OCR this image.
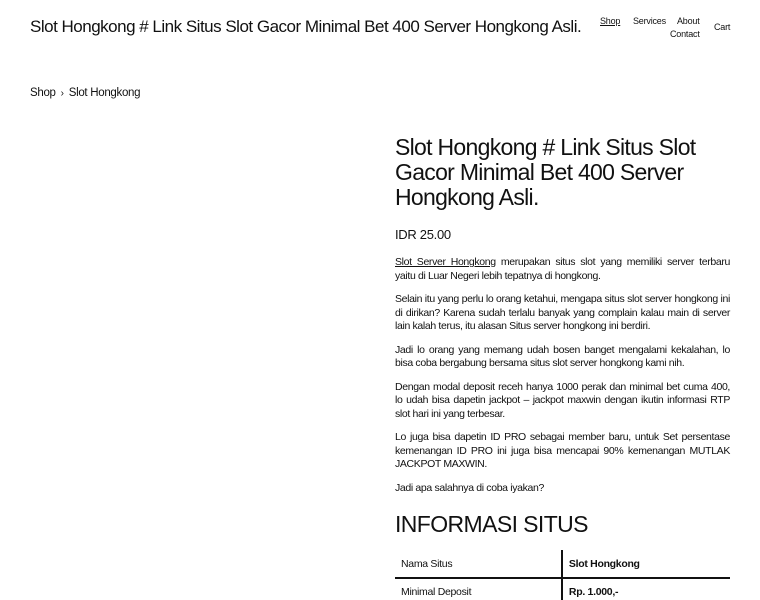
Slot Hongkong # Link Situs Slot Gacor Minimal Bet 400 Server Hongkong Asli. Shop Services About
Contact
Cart
Shop › Slot Hongkong
Slot Hongkong # Link Situs Slot Gacor Minimal Bet 400 Server Hongkong Asli.
IDR 25.00

Slot Server Hongkong merupakan situs slot yang memiliki server terbaru yaitu di Luar Negeri lebih tepatnya di hongkong.

Selain itu yang perlu lo orang ketahui, mengapa situs slot server hongkong ini di dirikan? Karena sudah terlalu banyak yang complain kalau main di server lain kalah terus, itu alasan Situs server hongkong ini berdiri.

Jadi lo orang yang memang udah bosen banget mengalami kekalahan, lo bisa coba bergabung bersama situs slot server hongkong kami nih.

Dengan modal deposit receh hanya 1000 perak dan minimal bet cuma 400, lo udah bisa dapetin jackpot – jackpot maxwin dengan ikutin informasi RTP slot hari ini yang terbesar.

Lo juga bisa dapetin ID PRO sebagai member baru, untuk Set persentase kemenangan ID PRO ini juga bisa mencapai 90% kemenangan MUTLAK JACKPOT MAXWIN.

Jadi apa salahnya di coba iyakan?

INFORMASI SITUS
Nama Situs	Slot Hongkong
Minimal Deposit	Rp. 1.000,-
